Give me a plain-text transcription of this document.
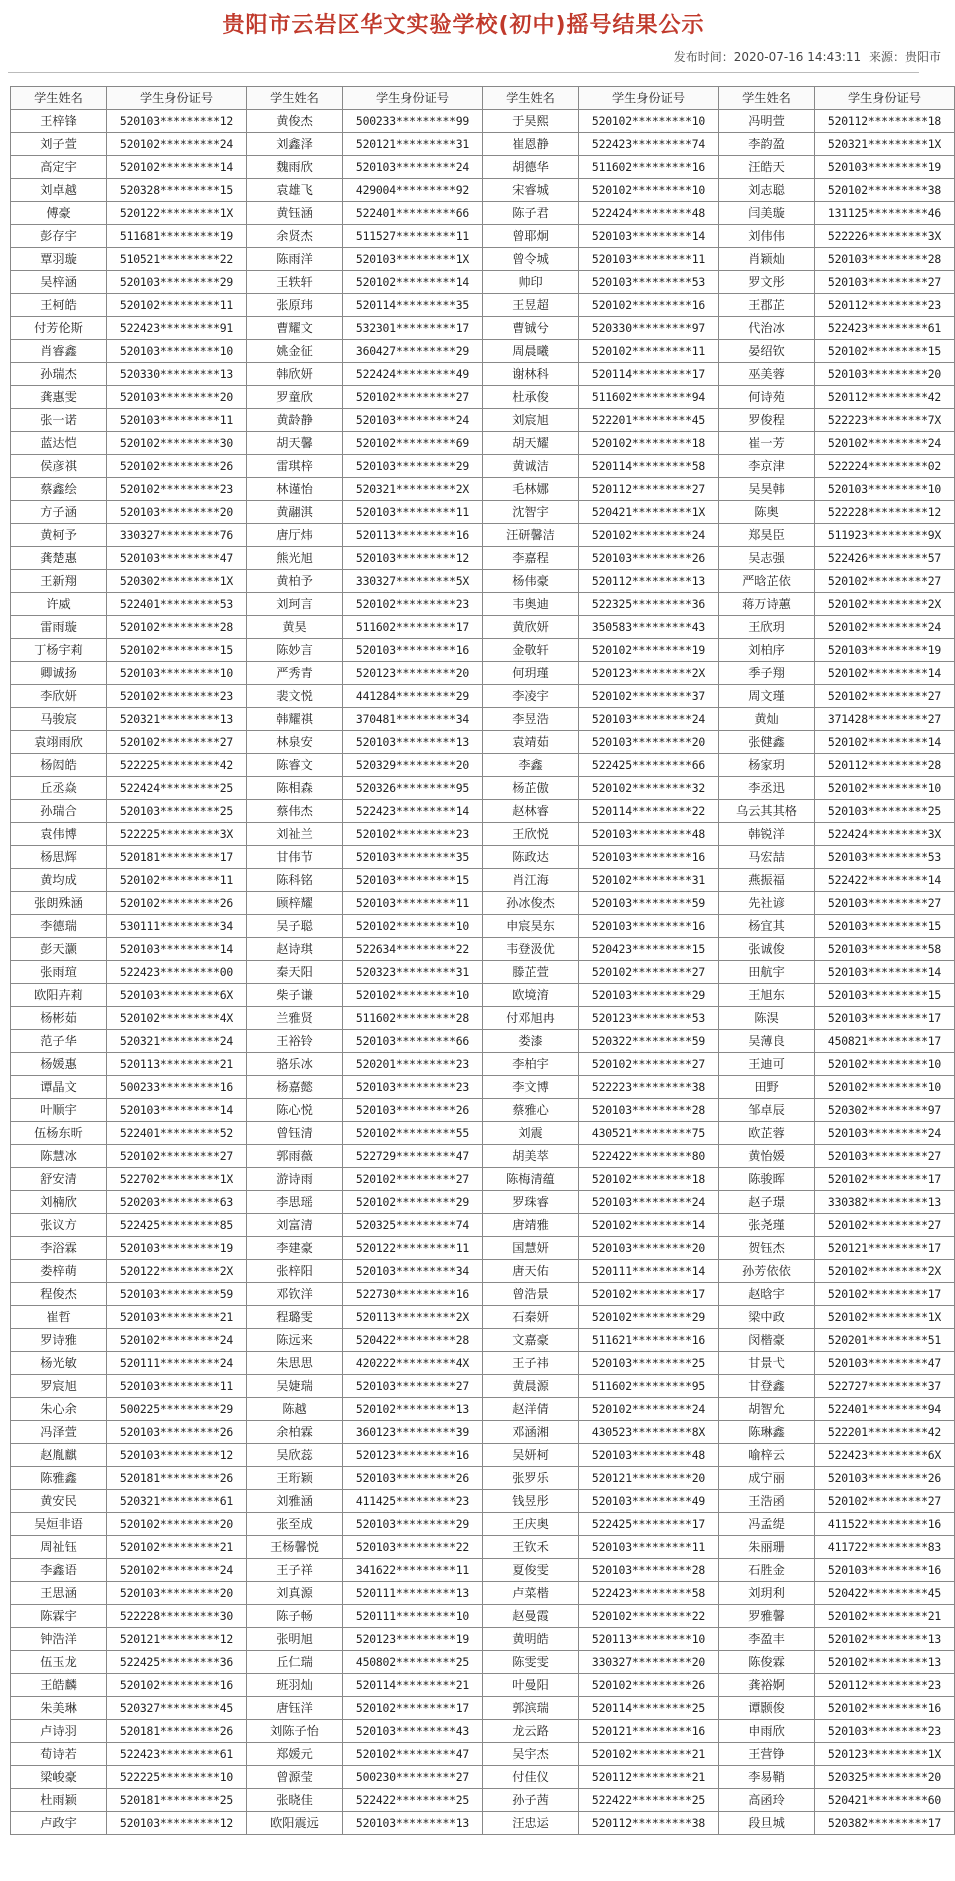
贵阳市云岩区华文实验学校(初中)摇号结果公示
发布时间：2020-07-16 14:43:11 来源：贵阳市
学生姓名	学生身份证号	学生姓名	学生身份证号	学生姓名	学生身份证号	学生姓名	学生身份证号
王梓锋	520103*********12	黄俊杰	500233*********99	于昊熙	520102*********10	冯明萱	520112*********18
刘子萱	520102*********24	刘鑫泽	520121*********31	崔恩静	522423*********74	李韵盈	520321*********1X
高定宇	520102*********14	魏雨欣	520103*********24	胡德华	511602*********16	汪皓天	520103*********19
刘卓越	520328*********15	袁雄飞	429004*********92	宋睿城	520102*********10	刘志聪	520102*********38
傅豪	520122*********1X	黄钰涵	522401*********66	陈子君	522424*********48	闫美璇	131125*********46
彭存宇	511681*********19	余贤杰	511527*********11	曾耶炯	520103*********14	刘伟伟	522226*********3X
覃羽璇	510521*********22	陈雨洋	520103*********1X	曾令城	520103*********11	肖颖灿	520103*********28
吴梓涵	520103*********29	王轶轩	520102*********14	帅印	520103*********53	罗文彤	520103*********27
王柯皓	520102*********11	张原玮	520114*********35	王昱超	520102*********16	王郡芷	520112*********23
付芳伦斯	522423*********91	曹耀文	532301*********17	曹铖兮	520330*********97	代治冰	522423*********61
肖睿鑫	520103*********10	姚金征	360427*********29	周晨曦	520102*********11	晏绍钦	520102*********15
孙瑞杰	520330*********13	韩欣妍	522424*********49	谢林科	520114*********17	巫美蓉	520103*********20
龚惠雯	520103*********20	罗童欣	520102*********27	杜承俊	511602*********94	何诗苑	520112*********42
张一诺	520103*********11	黄龄静	520103*********24	刘宸旭	522201*********45	罗俊程	522223*********7X
蓝达恺	520102*********30	胡天馨	520102*********69	胡天耀	520102*********18	崔一芳	520102*********24
侯彦祺	520102*********26	雷琪梓	520103*********29	黄诚洁	520114*********58	李京津	522224*********02
蔡鑫绘	520102*********23	林谨怡	520321*********2X	毛林娜	520112*********27	吴昊韩	520103*********10
方子涵	520103*********20	黄翮淇	520103*********11	沈智宇	520421*********1X	陈奥	522228*********12
黄柯予	330327*********76	唐厅炜	520113*********16	汪研馨洁	520102*********24	郑昊臣	511923*********9X
龚楚惠	520103*********47	熊光旭	520103*********12	李嘉程	520103*********26	吴志强	522426*********57
王新翔	520302*********1X	黄柏予	330327*********5X	杨伟豪	520112*********13	严晗芷依	520102*********27
许威	522401*********53	刘珂言	520102*********23	韦奥迪	522325*********36	蒋万诗蕙	520102*********2X
雷雨璇	520102*********28	黄昊	511602*********17	黄欣妍	350583*********43	王欣玥	520102*********24
丁杨宇莉	520102*********15	陈妙言	520103*********16	金敬轩	520102*********19	刘柏序	520103*********19
卿诚扬	520103*********10	严秀青	520123*********20	何玥瑾	520123*********2X	季子翔	520102*********14
李欣妍	520102*********23	裴文悦	441284*********29	李凌宇	520102*********37	周文瑾	520102*********27
马骏宸	520321*********13	韩耀祺	370481*********34	李昱浩	520103*********24	黄灿	371428*********27
袁翊雨欣	520102*********27	林泉安	520103*********13	袁靖茹	520103*********20	张健鑫	520102*********14
杨闳皓	522225*********42	陈睿文	520329*********20	李鑫	522425*********66	杨家玥	520112*********28
丘丞焱	522424*********25	陈相森	520326*********95	杨芷傲	520102*********32	李丞迅	520102*********10
孙瑞合	520103*********25	蔡伟杰	522423*********14	赵林睿	520114*********22	乌云其其格	520103*********25
袁伟博	522225*********3X	刘祉兰	520102*********23	王欣悦	520103*********48	韩锐洋	522424*********3X
杨思辉	520181*********17	甘伟节	520103*********35	陈政达	520103*********16	马宏喆	520103*********53
黄均成	520102*********11	陈科铭	520103*********15	肖江海	520102*********31	燕振福	522422*********14
张朗殊涵	520102*********26	顾梓耀	520103*********11	孙冰俊杰	520103*********59	先社谚	520103*********27
李德瑞	530111*********34	吴子聪	520102*********10	申宸昊东	520103*********16	杨宜其	520103*********15
彭天灏	520103*********14	赵诗琪	522634*********22	韦登汲优	520423*********15	张诚俊	520103*********58
张雨瑄	522423*********00	秦天阳	520323*********31	滕芷萱	520102*********27	田航宇	520103*********14
欧阳卉莉	520103*********6X	柴子谦	520102*********10	欧境淯	520103*********29	王旭东	520103*********15
杨彬茹	520102*********4X	兰雅贤	511602*********28	付邓旭冉	520123*********53	陈淏	520103*********17
范子华	520321*********24	王裕铃	520103*********66	娄漆	520322*********59	吴薄良	450821*********17
杨媛惠	520113*********21	骆乐冰	520201*********23	李柏宇	520102*********27	王迪可	520102*********10
谭晶文	500233*********16	杨嘉懿	520103*********23	李文博	522223*********38	田野	520102*********10
叶顺宇	520103*********14	陈心悦	520103*********26	蔡雅心	520103*********28	邹卓辰	520302*********97
伍杨东昕	522401*********52	曾钰清	520102*********55	刘震	430521*********75	欧芷蓉	520103*********24
陈慧冰	520102*********27	郭雨薇	522729*********47	胡美萃	522422*********80	黄怡媛	520103*********27
舒安清	522702*********1X	游诗雨	520102*********27	陈梅清蕴	520102*********18	陈骏晖	520102*********17
刘楠欣	520203*********63	李思瑶	520102*********29	罗珠睿	520103*********24	赵子璟	330382*********13
张议方	522425*********85	刘富清	520325*********74	唐靖雅	520102*********14	张尧瑾	520102*********27
李浴霖	520103*********19	李建豪	520122*********11	国慧妍	520103*********20	贺钰杰	520121*********17
娄梓萌	520122*********2X	张梓阳	520103*********34	唐天佑	520111*********14	孙芳依依	520102*********2X
程俊杰	520103*********59	邓钦洋	522730*********16	曾浩景	520102*********17	赵晗宇	520102*********17
崔哲	520103*********21	程璐雯	520113*********2X	石秦妍	520102*********29	梁中政	520102*********1X
罗诗雅	520102*********24	陈远来	520422*********28	文嘉豪	511621*********16	闵楷豪	520201*********51
杨光敏	520111*********24	朱思思	420222*********4X	王子祎	520103*********25	甘景弋	520103*********47
罗宸旭	520103*********11	吴婕瑞	520103*********27	黄晨源	511602*********95	甘登鑫	522727*********37
朱心余	500225*********29	陈越	520102*********13	赵洋倩	520102*********24	胡智允	522401*********94
冯泽萱	520103*********26	余柏霖	360123*********39	邓涵湘	430523*********8X	陈琳鑫	522201*********42
赵胤麒	520103*********12	吴欣蕊	520123*********16	吴妍柯	520103*********48	喻梓云	522423*********6X
陈雅鑫	520181*********26	王珩颖	520103*********26	张罗乐	520121*********20	成宁丽	520103*********26
黄安民	520321*********61	刘雅涵	411425*********23	钱昱彤	520103*********49	王浩函	520102*********27
吴烜非语	520102*********20	张至成	520103*********29	王庆奥	522425*********17	冯孟缇	411522*********16
周祉钰	520102*********21	王杨馨悦	520103*********22	王钦禾	520103*********11	朱丽珊	411722*********83
李鑫语	520102*********24	王子祥	341622*********11	夏俊雯	520103*********28	石胜金	520103*********16
王思涵	520103*********20	刘真源	520111*********13	卢菜楷	522423*********58	刘玥利	520422*********45
陈霖宇	522228*********30	陈子畅	520111*********10	赵曼霞	520102*********22	罗雅馨	520102*********21
钟浩洋	520121*********12	张明旭	520123*********19	黄明皓	520113*********10	李盈丰	520102*********13
伍玉龙	522425*********36	丘仁瑞	450802*********25	陈雯雯	330327*********20	陈俊霖	520102*********13
王皓麟	520102*********16	班羽灿	520114*********21	叶曼阳	520102*********26	龚裕婀	520112*********23
朱美琳	520327*********45	唐钰洋	520102*********17	郭滨瑞	520114*********25	谭颢俊	520102*********16
卢诗羽	520181*********26	刘陈子怡	520103*********43	龙云路	520121*********16	申雨欣	520103*********23
荀诗若	522423*********61	郑媛元	520102*********47	吴宇杰	520102*********21	王营铮	520123*********1X
梁峻豪	522225*********10	曾源莹	500230*********27	付佳仪	520112*********21	李易鞘	520325*********20
杜雨颖	520181*********25	张晓佳	522422*********25	孙子茜	522422*********25	高函玲	520421*********60
卢政宇	520103*********12	欧阳震远	520103*********13	汪忠运	520112*********38	段旦城	520382*********17
